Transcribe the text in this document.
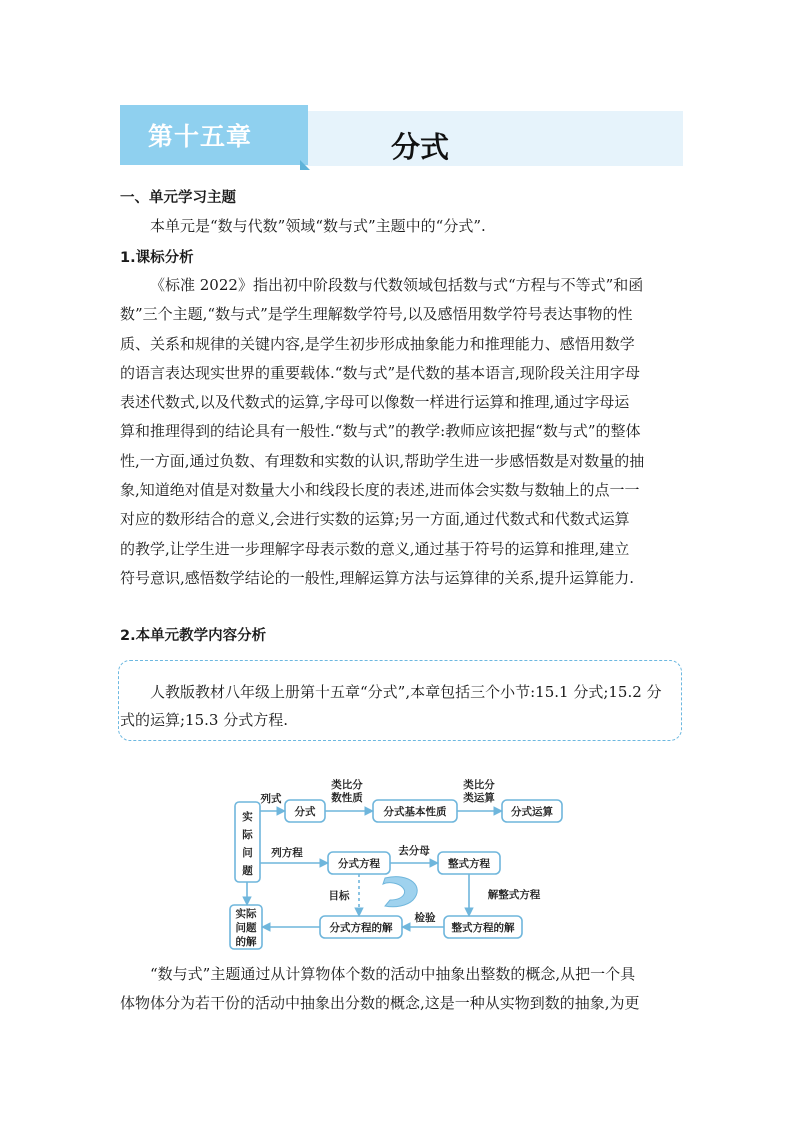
第十五章	分式
一、单元学习主题
本单元是“数与代数”领域“数与式”主题中的“分式”.
1.课标分析
《标准 2022》指出初中阶段数与代数领域包括数与式“方程与不等式”和函
数”三个主题,“数与式”是学生理解数学符号,以及感悟用数学符号表达事物的性
质、关系和规律的关键内容,是学生初步形成抽象能力和推理能力、感悟用数学
的语言表达现实世界的重要载体.“数与式”是代数的基本语言,现阶段关注用字母
表述代数式,以及代数式的运算,字母可以像数一样进行运算和推理,通过字母运
算和推理得到的结论具有一般性.“数与式”的教学:教师应该把握“数与式”的整体
性,一方面,通过负数、有理数和实数的认识,帮助学生进一步感悟数是对数量的抽
象,知道绝对值是对数量大小和线段长度的表述,进而体会实数与数轴上的点一一
对应的数形结合的意义,会进行实数的运算;另一方面,通过代数式和代数式运算
的教学,让学生进一步理解字母表示数的意义,通过基于符号的运算和推理,建立
符号意识,感悟数学结论的一般性,理解运算方法与运算律的关系,提升运算能力.
2.本单元教学内容分析
人教版教材八年级上册第十五章“分式”,本章包括三个小节:15.1 分式;15.2 分
式的运算;15.3 分式方程.
实
际
问
题
实际
问题
的解
分式	分式基本性质	分式运算
分式方程	整式方程
分式方程的解	整式方程的解
列式
类比分
数性质
类比分
类运算
列方程	去分母
解整式方程
目标
检验
“数与式”主题通过从计算物体个数的活动中抽象出整数的概念,从把一个具
体物体分为若干份的活动中抽象出分数的概念,这是一种从实物到数的抽象,为更
